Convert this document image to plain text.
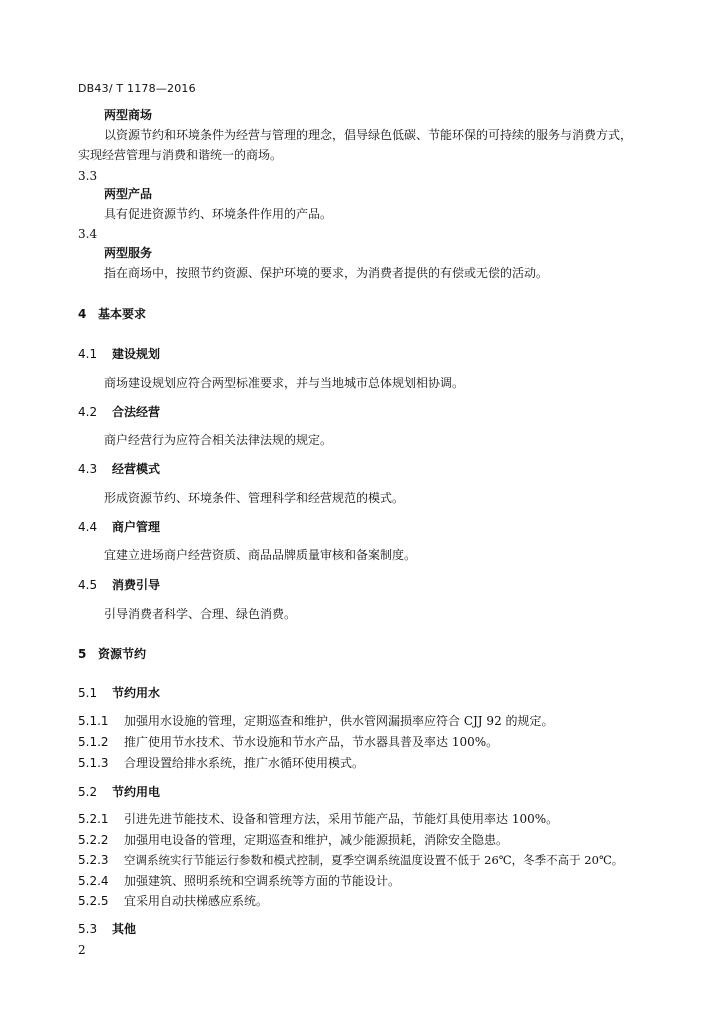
DB43/ T 1178—2016
两型商场
以资源节约和环境条件为经营与管理的理念，倡导绿色低碳、节能环保的可持续的服务与消费方式，
实现经营管理与消费和谐统一的商场。
3.3
两型产品
具有促进资源节约、环境条件作用的产品。
3.4
两型服务
指在商场中，按照节约资源、保护环境的要求，为消费者提供的有偿或无偿的活动。
4 基本要求
4.1 建设规划
商场建设规划应符合两型标准要求，并与当地城市总体规划相协调。
4.2 合法经营
商户经营行为应符合相关法律法规的规定。
4.3 经营模式
形成资源节约、环境条件、管理科学和经营规范的模式。
4.4 商户管理
宜建立进场商户经营资质、商品品牌质量审核和备案制度。
4.5 消费引导
引导消费者科学、合理、绿色消费。
5 资源节约
5.1 节约用水
5.1.1 加强用水设施的管理，定期巡查和维护，供水管网漏损率应符合 CJJ 92 的规定。
5.1.2 推广使用节水技术、节水设施和节水产品，节水器具普及率达 100%。
5.1.3 合理设置给排水系统，推广水循环使用模式。
5.2 节约用电
5.2.1 引进先进节能技术、设备和管理方法，采用节能产品，节能灯具使用率达 100%。
5.2.2 加强用电设备的管理，定期巡查和维护，减少能源损耗，消除安全隐患。
5.2.3 空调系统实行节能运行参数和模式控制，夏季空调系统温度设置不低于 26℃，冬季不高于 20℃。
5.2.4 加强建筑、照明系统和空调系统等方面的节能设计。
5.2.5 宜采用自动扶梯感应系统。
5.3 其他
2
